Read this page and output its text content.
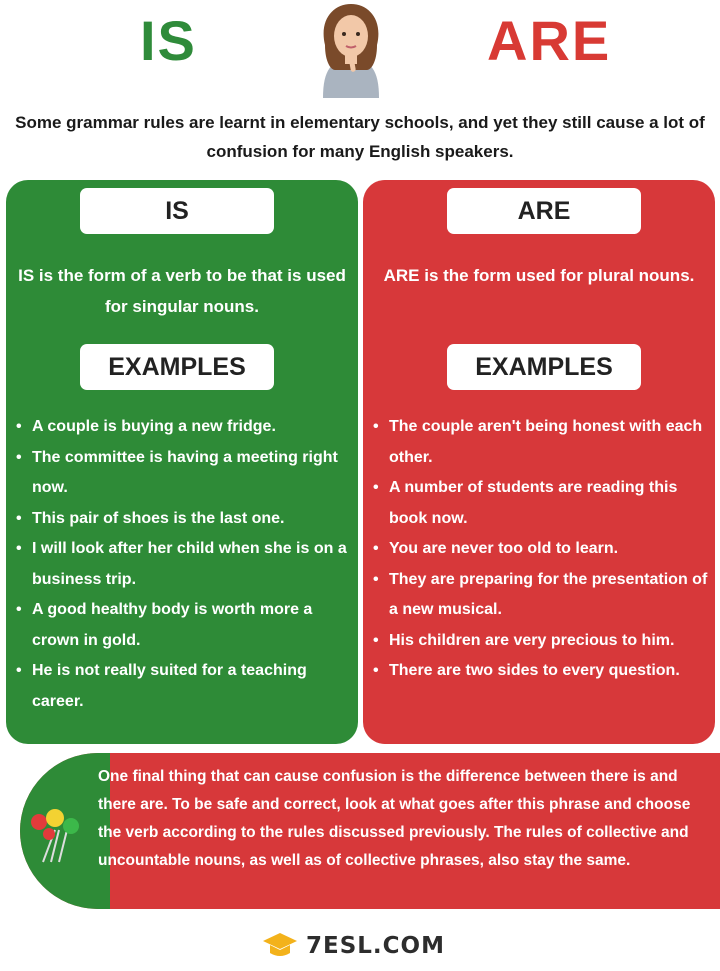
IS	ARE

Some grammar rules are learnt in elementary schools, and yet they still cause a lot of confusion for many English speakers.

IS

IS is the form of a verb to be that is used for singular nouns.

EXAMPLES
• A couple is buying a new fridge.
• The committee is having a meeting right now.
• This pair of shoes is the last one.
• I will look after her child when she is on a business trip.
• A good healthy body is worth more a crown in gold.
• He is not really suited for a teaching career.
ARE

ARE is the form used for plural nouns.

EXAMPLES
• The couple aren't being honest with each other.
• A number of students are reading this book now.
• You are never too old to learn.
• They are preparing for the presentation of a new musical.
• His children are very precious to him.
• There are two sides to every question.

One final thing that can cause confusion is the difference between there is and there are. To be safe and correct, look at what goes after this phrase and choose the verb according to the rules discussed previously. The rules of collective and uncountable nouns, as well as of collective phrases, also stay the same.

7ESL.COM
